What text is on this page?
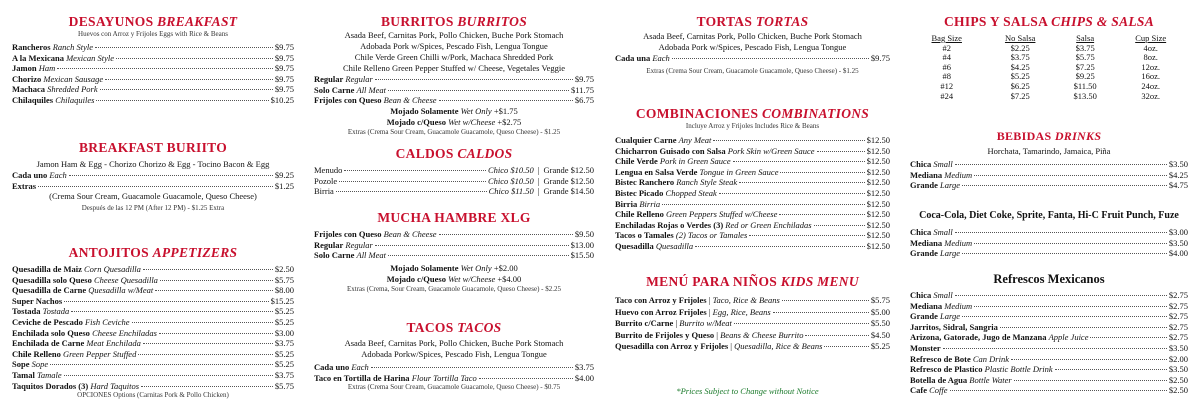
DESAYUNOS BREAKFAST
Huevos con Arroz y Frijoles Eggs with Rice & Beans
Rancheros Ranch Style	$9.75
A la Mexicana Mexican Style	$9.75
Jamon Ham	$9.75
Chorizo Mexican Sausage	$9.75
Machaca Shredded Pork	$9.75
Chilaquiles Chilaquiles	$10.25
BREAKFAST BURIITO
Jamon Ham & Egg - Chorizo Chorizo & Egg - Tocino Bacon & Egg
Cada uno Each	$9.25
Extras	$1.25
(Crema Sour Cream, Guacamole Guacamole, Queso Cheese)
Después de las 12 PM (After 12 PM) - $1.25 Extra
ANTOJITOS APPETIZERS
Quesadilla de Maiz Corn Quesadilla	$2.50
Quesadilla solo Queso Cheese Quesadilla	$5.75
Quesadilla de Carne Quesadilla w/Meat	$8.00
Super Nachos	$15.25
Tostada Tostada	$5.25
Ceviche de Pescado Fish Ceviche	$5.25
Enchilada solo Queso Cheese Enchiladas	$3.00
Enchilada de Carne Meat Enchilada	$3.75
Chile Relleno Green Pepper Stuffed	$5.25
Sope Sope	$5.25
Tamal Tamale	$3.75
Taquitos Dorados (3) Hard Taquitos	$5.75
OPCIONES Options (Carnitas Pork & Pollo Chicken)
BURRITOS BURRITOS
Asada Beef, Carnitas Pork, Pollo Chicken, Buche Pork Stomach
Adobada Pork w/Spices, Pescado Fish, Lengua Tongue
Chile Verde Green Chilli w/Pork, Machaca Shredded Pork
Chile Relleno Green Pepper Stuffed w/ Cheese, Vegetales Veggie
Regular Regular	$9.75
Solo Carne All Meat	$11.75
Frijoles con Queso Bean & Cheese	$6.75
Mojado Solamente Wet Only +$1.75
Mojado c/Queso Wet w/Cheese +$2.75
Extras (Crema Sour Cream, Guacamole Guacamole, Queso Cheese) - $1.25
CALDOS CALDOS
Menudo	Chico $10.50 | Grande $12.50
Pozole	Chico $10.50 | Grande $12.50
Birria	Chico $11.50 | Grande $14.50
MUCHA HAMBRE XLG
Frijoles con Queso Bean & Cheese	$9.50
Regular Regular	$13.00
Solo Carne All Meat	$15.50
Mojado Solamente Wet Only +$2.00
Mojado c/Queso Wet w/Cheese +$4.00
Extras (Crema, Sour Cream, Guacamole Guacamole, Queso Cheese) - $2.25
TACOS TACOS
Asada Beef, Carnitas Pork, Pollo Chicken, Buche Pork Stomach
Adobada Porkw/Spices, Pescado Fish, Lengua Tongue
Cada uno Each	$3.75
Taco en Tortilla de Harina Flour Tortilla Taco	$4.00
Extras (Crema Sour Cream, Guacamole Guacamole, Queso Cheese) - $0.75
TORTAS TORTAS
Asada Beef, Carnitas Pork, Pollo Chicken, Buche Pork Stomach
Adobada Pork w/Spices, Pescado Fish, Lengua Tongue
Cada una Each	$9.75
Extras (Crema Sour Cream, Guacamole Guacamole, Queso Cheese) - $1.25
COMBINACIONES COMBINATIONS
Incluye Arroz y Frijoles Includes Rice & Beans
Cualquier Carne Any Meat	$12.50
Chicharron Guisado con Salsa Pork Skin w/Green Sauce	$12.50
Chile Verde Pork in Green Sauce	$12.50
Lengua en Salsa Verde Tongue in Green Sauce	$12.50
Bistec Ranchero Ranch Style Steak	$12.50
Bistec Picado Chopped Steak	$12.50
Birria Birria	$12.50
Chile Relleno Green Peppers Stuffed w/Cheese	$12.50
Enchiladas Rojas o Verdes (3) Red or Green Enchiladas	$12.50
Tacos o Tamales (2) Tacos or Tamales	$12.50
Quesadilla Quesadilla	$12.50
MENÚ PARA NIÑOS KIDS MENU
Taco con Arroz y Frijoles | Taco, Rice & Beans	$5.75
Huevo con Arroz Frijoles | Egg, Rice, Beans	$5.00
Burrito c/Carne | Burrito w/Meat	$5.50
Burrito de Frijoles y Queso | Beans & Cheese Burrito	$4.50
Quesadilla con Arroz y Frijoles | Quesadilla, Rice & Beans	$5.25
*Prices Subject to Change without Notice
CHIPS Y SALSA CHIPS & SALSA
Bag Size	No Salsa	Salsa	Cup Size
#2	$2.25	$3.75	4oz.
#4	$3.75	$5.75	8oz.
#6	$4.25	$7.25	12oz.
#8	$5.25	$9.25	16oz.
#12	$6.25	$11.50	24oz.
#24	$7.25	$13.50	32oz.
BEBIDAS DRINKS
Horchata, Tamarindo, Jamaica, Piña
Chica Small	$3.50
Mediana Medium	$4.25
Grande Large	$4.75
Coca-Cola, Diet Coke, Sprite, Fanta, Hi-C Fruit Punch, Fuze
Chica Small	$3.00
Mediana Medium	$3.50
Grande Large	$4.00
Refrescos Mexicanos
Chica Small	$2.75
Mediana Medium	$2.75
Grande Large	$2.75
Jarritos, Sidral, Sangria	$2.75
Arizona, Gatorade, Jugo de Manzana Apple Juice	$2.75
Monster	$3.50
Refresco de Bote Can Drink	$2.00
Refresco de Plastico Plastic Bottle Drink	$3.50
Botella de Agua Bottle Water	$2.50
Cafe Coffe	$2.50
